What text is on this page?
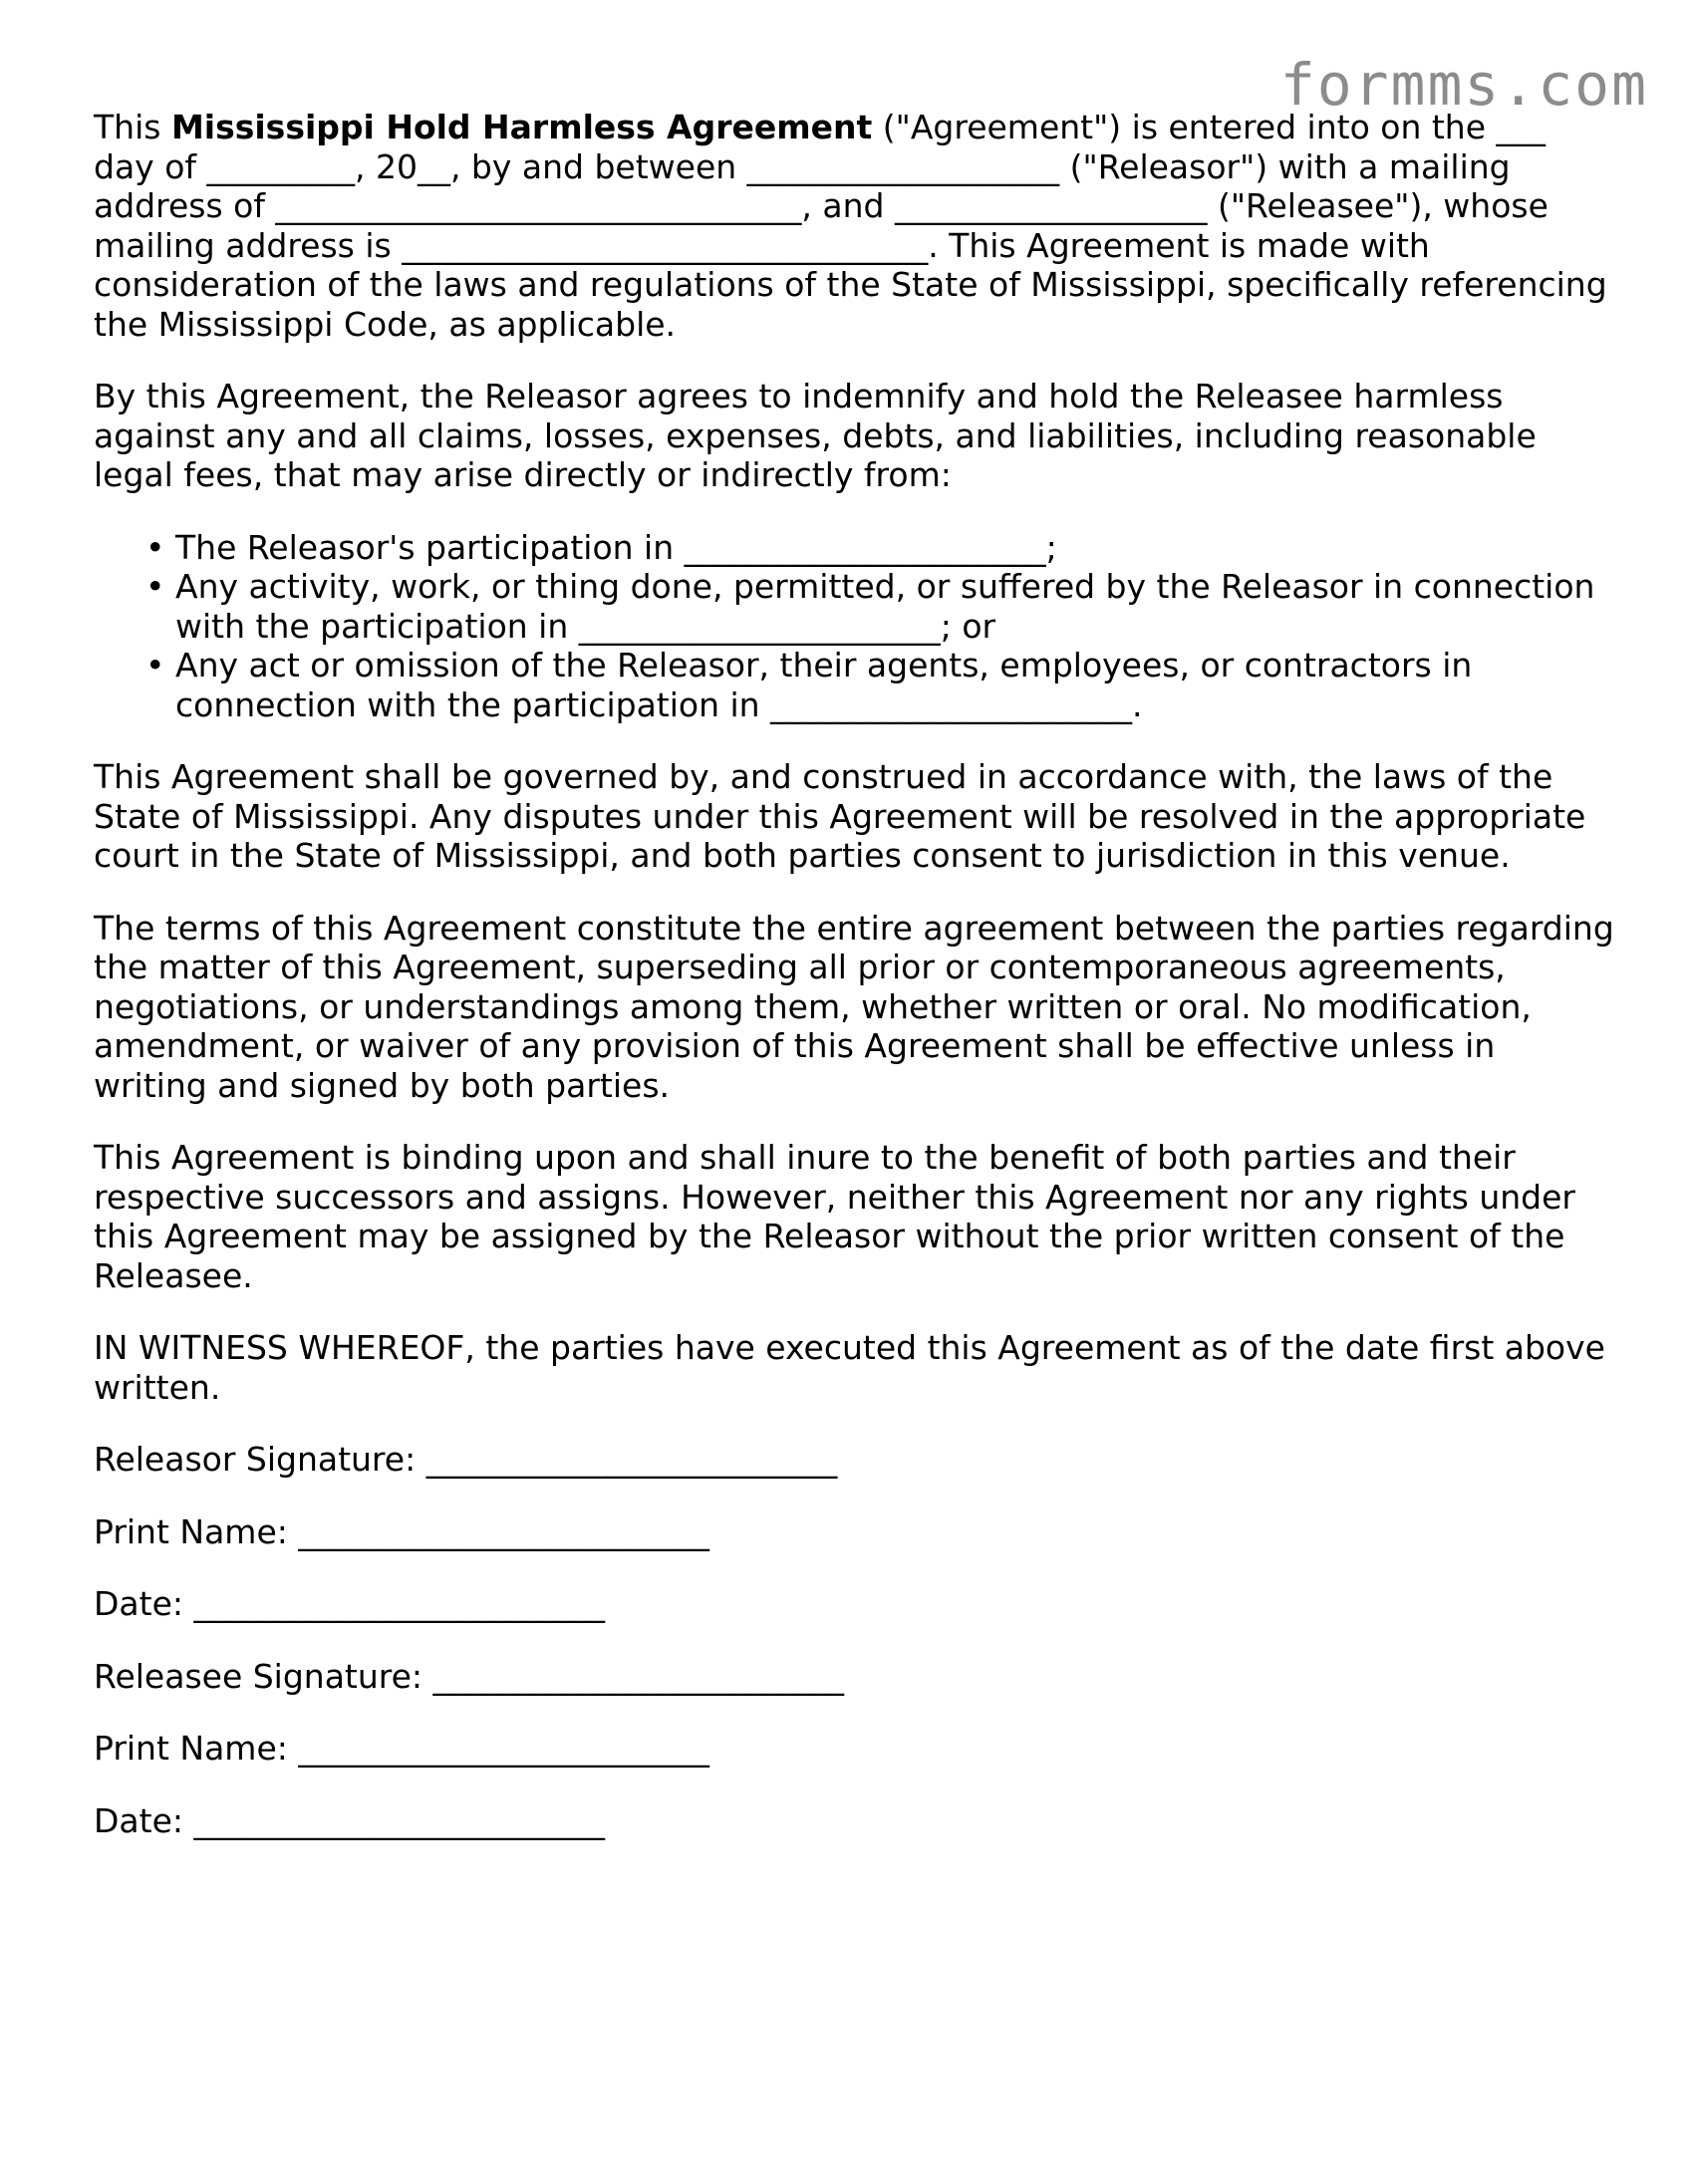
formms.com

This Mississippi Hold Harmless Agreement ("Agreement") is entered into on the ___ day of _________, 20__, by and between ___________________ ("Releasor") with a mailing address of ________________________________, and ___________________ ("Releasee"), whose mailing address is ________________________________. This Agreement is made with consideration of the laws and regulations of the State of Mississippi, specifically referencing the Mississippi Code, as applicable.

By this Agreement, the Releasor agrees to indemnify and hold the Releasee harmless against any and all claims, losses, expenses, debts, and liabilities, including reasonable legal fees, that may arise directly or indirectly from:

• The Releasor's participation in ______________________;
• Any activity, work, or thing done, permitted, or suffered by the Releasor in connection with the participation in ______________________; or
• Any act or omission of the Releasor, their agents, employees, or contractors in connection with the participation in ______________________.

This Agreement shall be governed by, and construed in accordance with, the laws of the State of Mississippi. Any disputes under this Agreement will be resolved in the appropriate court in the State of Mississippi, and both parties consent to jurisdiction in this venue.

The terms of this Agreement constitute the entire agreement between the parties regarding the matter of this Agreement, superseding all prior or contemporaneous agreements, negotiations, or understandings among them, whether written or oral. No modification, amendment, or waiver of any provision of this Agreement shall be effective unless in writing and signed by both parties.

This Agreement is binding upon and shall inure to the benefit of both parties and their respective successors and assigns. However, neither this Agreement nor any rights under this Agreement may be assigned by the Releasor without the prior written consent of the Releasee.

IN WITNESS WHEREOF, the parties have executed this Agreement as of the date first above written.

Releasor Signature: _________________________

Print Name: _________________________

Date: _________________________

Releasee Signature: _________________________

Print Name: _________________________

Date: _________________________
